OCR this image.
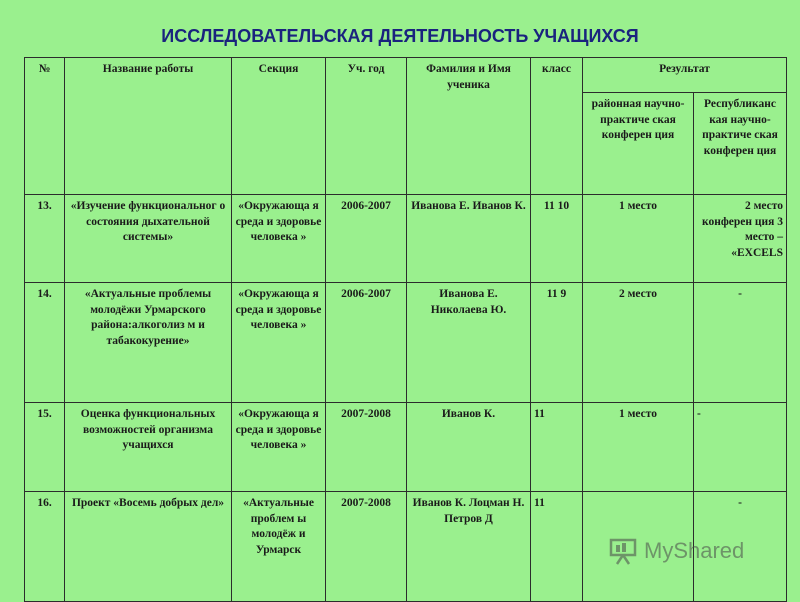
ИССЛЕДОВАТЕЛЬСКАЯ ДЕЯТЕЛЬНОСТЬ УЧАЩИХСЯ
№	Название работы	Секция	Уч. год	Фамилия и Имя ученика	класс	Результат	
						районная научно-практиче ская конферен ция	Республиканс кая научно-практиче ская конферен ция
13.	«Изучение функциональног о состояния дыхательной системы»	«Окружающа я среда и здоровье человека »	2006-2007	Иванова Е. Иванов К.	11 10	1 место	2 место конферен ция 3 место – «EXCELS
14.	«Актуальные проблемы молодёжи Урмарского района:алкоголиз м и табакокурение»	«Окружающа я среда и здоровье человека »	2006-2007	Иванова Е. Николаева Ю.	11 9	2 место	-
15.	Оценка функциональных возможностей организма учащихся	«Окружающа я среда и здоровье человека »	2007-2008	Иванов К.	11	1 место	-
16.	Проект «Восемь добрых дел»	«Актуальные проблем ы молодёж и Урмарск	2007-2008	Иванов К. Лоцман Н. Петров Д	11		-
MyShared
